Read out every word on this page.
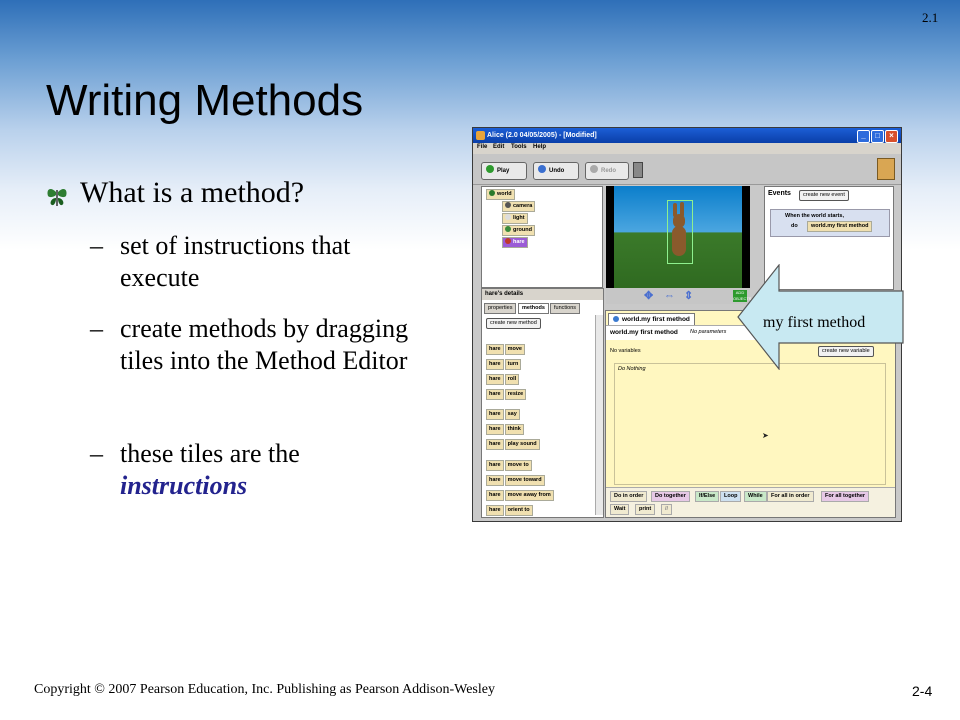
2.1
Writing Methods
What is a method?
– set of instructions that execute
– create methods by dragging tiles into the Method Editor
– these tiles are the
instructions
Alice (2.0 04/05/2005) - [Modified]	_	□	×
File Edit Tools Help
Play	Undo	Redo
world
camera
light
ground
hare
✥ ⇔ ⇕	ADD OBJECTS
Events	create new event
When the world starts,
do	world.my first method
hare's details
properties	methods	functions
create new method
hare move
hare turn
hare roll
hare resize
hare say
hare think
hare play sound
hare move to
hare move toward
hare move away from
hare orient to
world.my first method
world.my first method No parameters
No variables	create new variable
Do Nothing
➤
Do in order	Do together	If/Else	Loop	While	For all in order	For all together
Wait	print	//
my first method
Copyright © 2007 Pearson Education, Inc. Publishing as Pearson Addison-Wesley	2-4
